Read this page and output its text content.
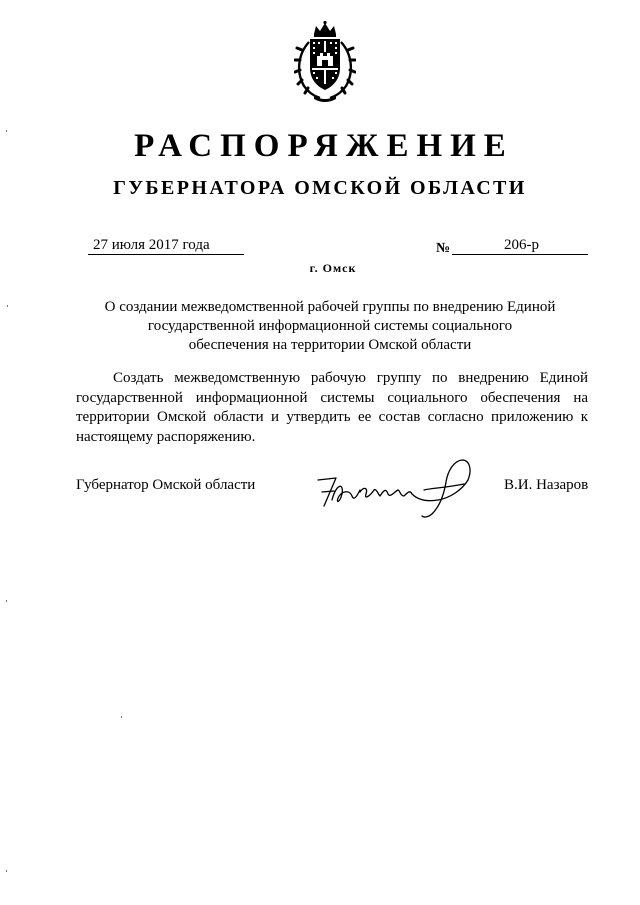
РАСПОРЯЖЕНИЕ
ГУБЕРНАТОРА ОМСКОЙ ОБЛАСТИ
27 июля 2017 года	№	206-р
г. Омск
О создании межведомственной рабочей группы по внедрению Единой
государственной информационной системы социального
обеспечения на территории Омской области

Создать межведомственную рабочую группу по внедрению Единой
государственной информационной системы социального обеспечения на
территории Омской области и утвердить ее состав согласно приложению к
настоящему распоряжению.

Губернатор Омской области	В.И. Назаров
